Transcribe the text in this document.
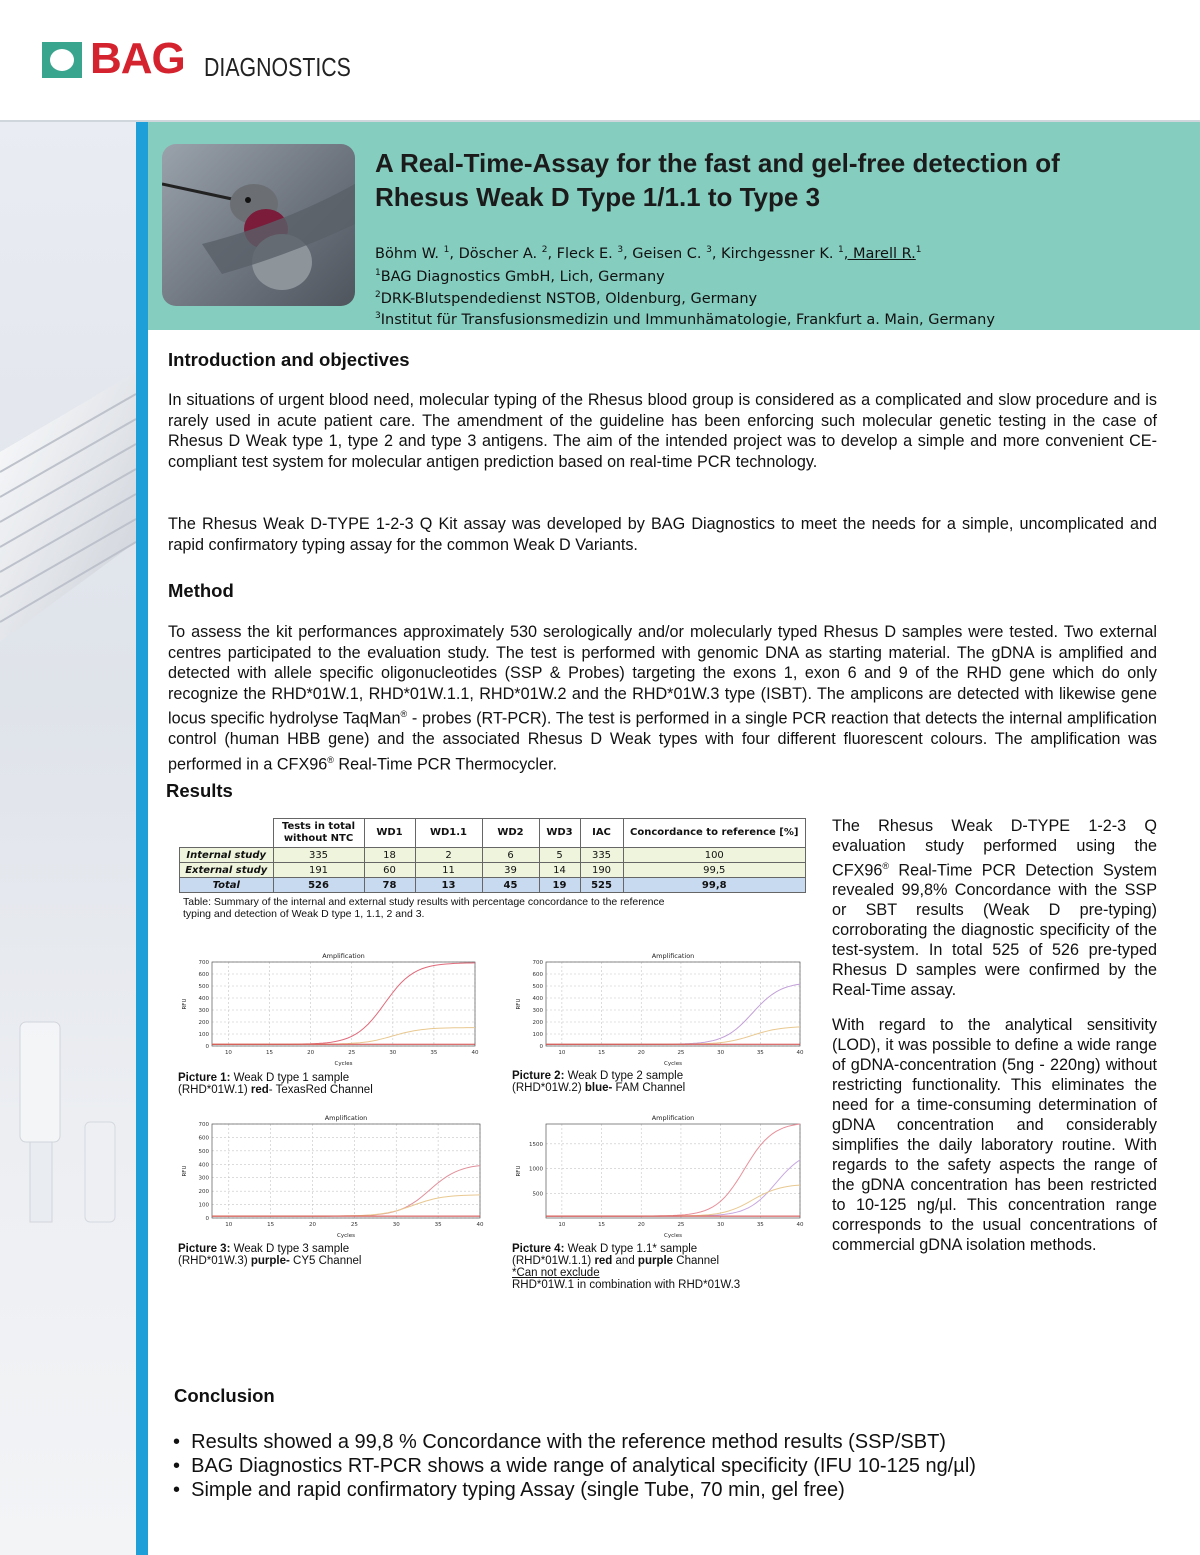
BAG DIAGNOSTICS
A Real-Time-Assay for the fast and gel-free detection of
Rhesus Weak D Type 1/1.1 to Type 3
Böhm W. $^1$, Döscher A. $^2$, Fleck E. $^3$, Geisen C. $^3$, Kirchgessner K. $^1$, Marell R.$^1$
$^1$BAG Diagnostics GmbH, Lich, Germany
$^2$DRK-Blutspendedienst NSTOB, Oldenburg, Germany
$^3$Institut für Transfusionsmedizin und Immunhämatologie, Frankfurt a. Main, Germany
Introduction and objectives
In situations of urgent blood need, molecular typing of the Rhesus blood group is considered as a complicated and slow procedure and is rarely used in acute patient care. The amendment of the guideline has been enforcing such molecular genetic testing in the case of Rhesus D Weak type 1, type 2 and type 3 antigens. The aim of the intended project was to develop a simple and more convenient CE-compliant test system for molecular antigen prediction based on real-time PCR technology.
The Rhesus Weak D-TYPE 1-2-3 Q Kit assay was developed by BAG Diagnostics to meet the needs for a simple, uncomplicated and rapid confirmatory typing assay for the common Weak D Variants.
Method
To assess the kit performances approximately 530 serologically and/or molecularly typed Rhesus D samples were tested. Two external centres participated to the evaluation study. The test is performed with genomic DNA as starting material. The gDNA is amplified and detected with allele specific oligonucleotides (SSP & Probes) targeting the exons 1, exon 6 and 9 of the RHD gene which do only recognize the RHD*01W.1, RHD*01W.1.1, RHD*01W.2 and the RHD*01W.3 type (ISBT). The amplicons are detected with likewise gene locus specific hydrolyse TaqMan® - probes (RT-PCR). The test is performed in a single PCR reaction that detects the internal amplification control (human HBB gene) and the associated Rhesus D Weak types with four different fluorescent colours. The amplification was performed in a CFX96® Real-Time PCR Thermocycler.
Results
	Tests in total without NTC	WD1	WD1.1	WD2	WD3	IAC	Concordance to reference [%]
Internal study	335	18	2	6	5	335	100
External study	191	60	11	39	14	190	99,5
Total	526	78	13	45	19	525	99,8
Table: Summary of the internal and external study results with percentage concordance to the reference typing and detection of Weak D type 1, 1.1, 2 and 3.
Amplification
0
100
200
300
400
500
600
700
10	15	20	25	30	35	40
Cycles
RFU
Amplification
0
100
200
300
400
500
600
700
10	15	20	25	30	35	40
Cycles
RFU
Amplification
0
100
200
300
400
500
600
700
10	15	20	25	30	35	40
Cycles
RFU
Amplification
500
1000
1500
10	15	20	25	30	35	40
Cycles
RFU
Picture 1: Weak D type 1 sample
(RHD*01W.1) red- TexasRed Channel
Picture 2: Weak D type 2 sample
(RHD*01W.2) blue- FAM Channel
Picture 3: Weak D type 3 sample
(RHD*01W.3) purple- CY5 Channel
Picture 4: Weak D type 1.1* sample
(RHD*01W.1.1) red and purple Channel
*Can not exclude
RHD*01W.1 in combination with RHD*01W.3
The Rhesus Weak D-TYPE 1-2-3 Q evaluation study performed using the CFX96® Real-Time PCR Detection System revealed 99,8% Concordance with the SSP or SBT results (Weak D pre-typing) corroborating the diagnostic specificity of the test-system. In total 525 of 526 pre-typed Rhesus D samples were confirmed by the Real-Time assay.
With regard to the analytical sensitivity (LOD), it was possible to define a wide range of gDNA-concentration (5ng - 220ng) without restricting functionality. This eliminates the need for a time-consuming determination of gDNA concentration and considerably simplifies the daily laboratory routine. With regards to the safety aspects the range of the gDNA concentration has been restricted to 10-125 ng/µl. This concentration range corresponds to the usual concentrations of commercial gDNA isolation methods.
Conclusion
•  Results showed a 99,8 % Concordance with the reference method results (SSP/SBT)
•  BAG Diagnostics RT-PCR shows a wide range of analytical specificity (IFU 10-125 ng/µl)
•  Simple and rapid confirmatory typing Assay (single Tube, 70 min, gel free)
